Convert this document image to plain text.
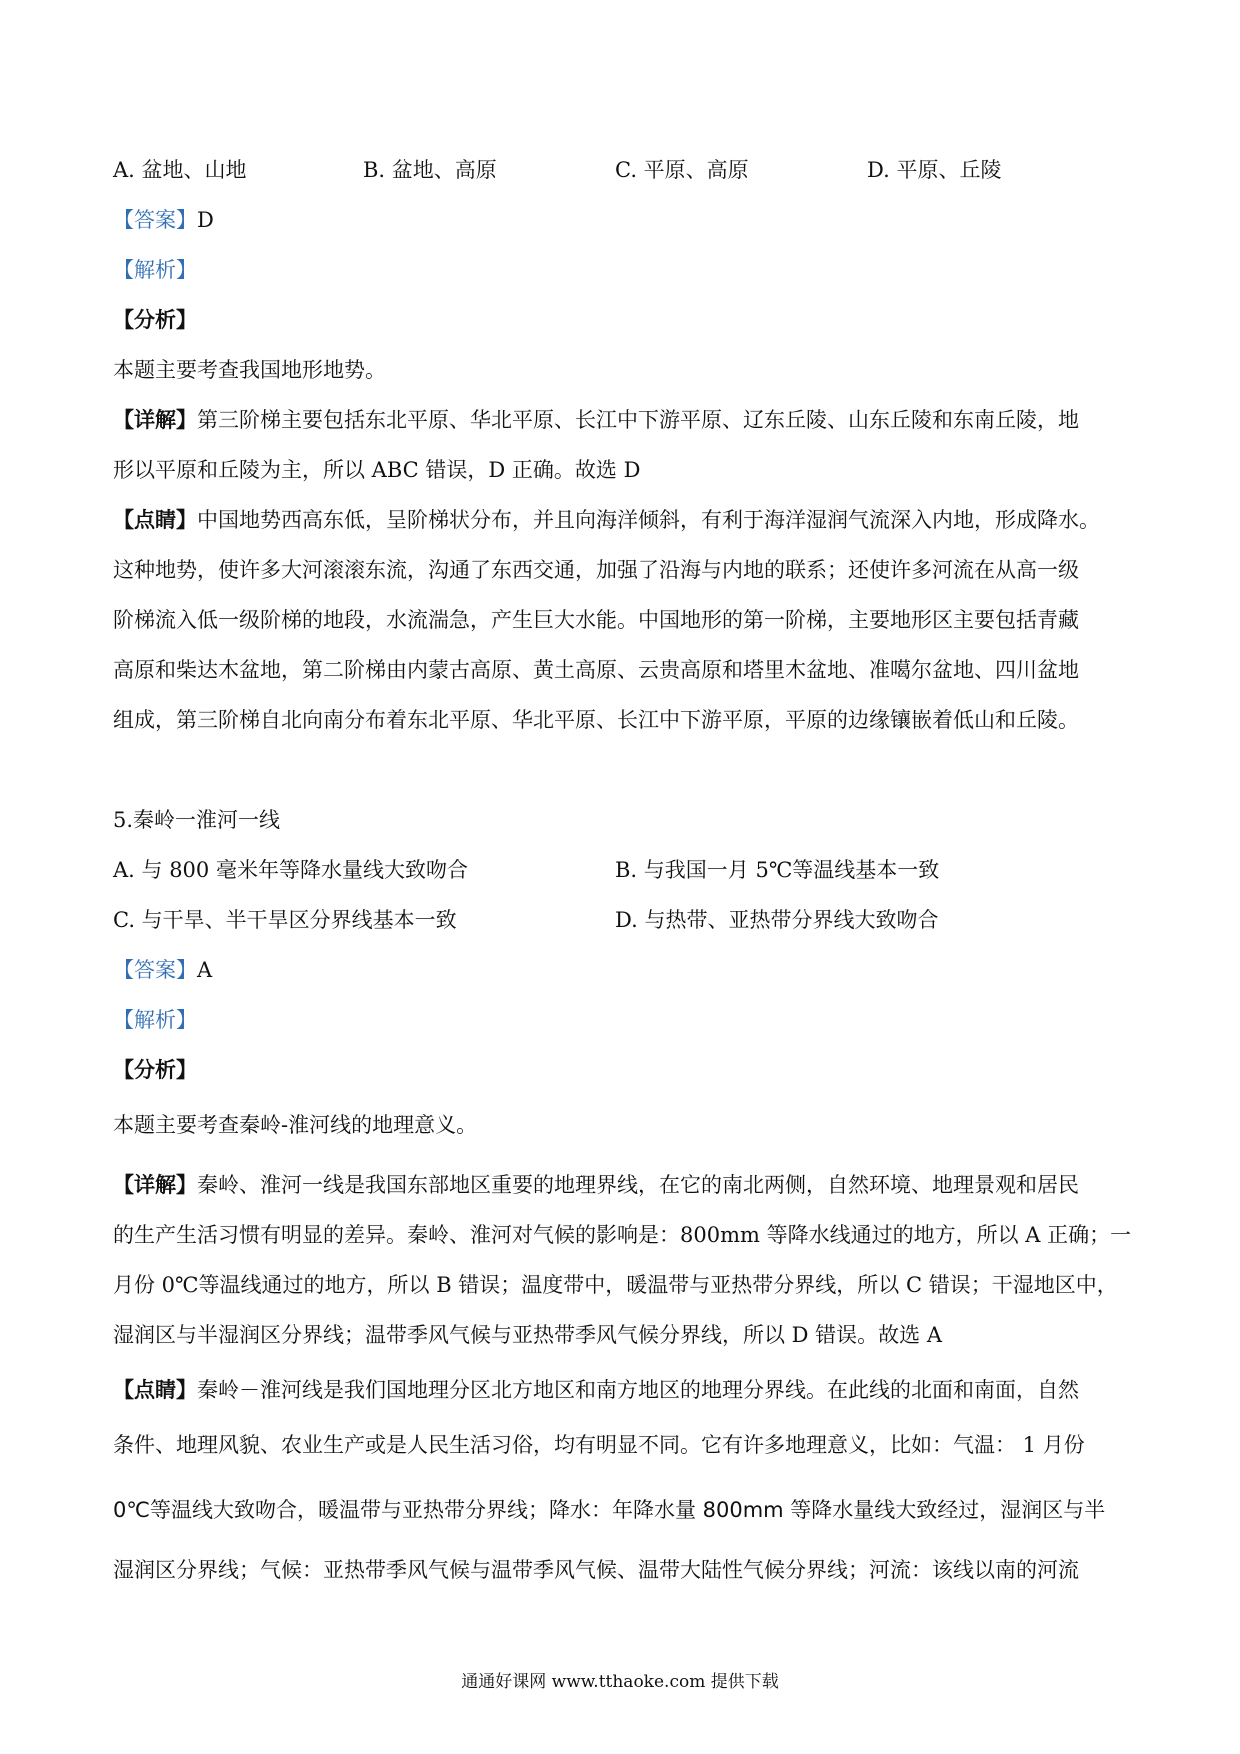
A. 盆地、山地	B. 盆地、高原	C. 平原、高原	D. 平原、丘陵
【答案】D
【解析】
【分析】
本题主要考查我国地形地势。
【详解】第三阶梯主要包括东北平原、华北平原、长江中下游平原、辽东丘陵、山东丘陵和东南丘陵，地
形以平原和丘陵为主，所以 ABC 错误，D 正确。故选 D
【点睛】中国地势西高东低，呈阶梯状分布，并且向海洋倾斜，有利于海洋湿润气流深入内地，形成降水。
这种地势，使许多大河滚滚东流，沟通了东西交通，加强了沿海与内地的联系；还使许多河流在从高一级
阶梯流入低一级阶梯的地段，水流湍急，产生巨大水能。中国地形的第一阶梯，主要地形区主要包括青藏
高原和柴达木盆地，第二阶梯由内蒙古高原、黄土高原、云贵高原和塔里木盆地、准噶尔盆地、四川盆地
组成，第三阶梯自北向南分布着东北平原、华北平原、长江中下游平原，平原的边缘镶嵌着低山和丘陵。
5.秦岭一淮河一线
A. 与 800 毫米年等降水量线大致吻合	B. 与我国一月 5℃等温线基本一致
C. 与干旱、半干旱区分界线基本一致	D. 与热带、亚热带分界线大致吻合
【答案】A
【解析】
【分析】
本题主要考查秦岭-淮河线的地理意义。
【详解】秦岭、淮河一线是我国东部地区重要的地理界线，在它的南北两侧，自然环境、地理景观和居民
的生产生活习惯有明显的差异。秦岭、淮河对气候的影响是：800mm 等降水线通过的地方，所以 A 正确；一
月份 0℃等温线通过的地方，所以 B 错误；温度带中，暖温带与亚热带分界线，所以 C 错误；干湿地区中，
湿润区与半湿润区分界线；温带季风气候与亚热带季风气候分界线，所以 D 错误。故选 A
【点睛】秦岭－淮河线是我们国地理分区北方地区和南方地区的地理分界线。在此线的北面和南面，自然
条件、地理风貌、农业生产或是人民生活习俗，均有明显不同。它有许多地理意义，比如：气温： 1 月份
0℃等温线大致吻合，暖温带与亚热带分界线；降水：年降水量 800mm 等降水量线大致经过，湿润区与半
湿润区分界线；气候：亚热带季风气候与温带季风气候、温带大陆性气候分界线；河流：该线以南的河流
通通好课网 www.tthaoke.com 提供下载
